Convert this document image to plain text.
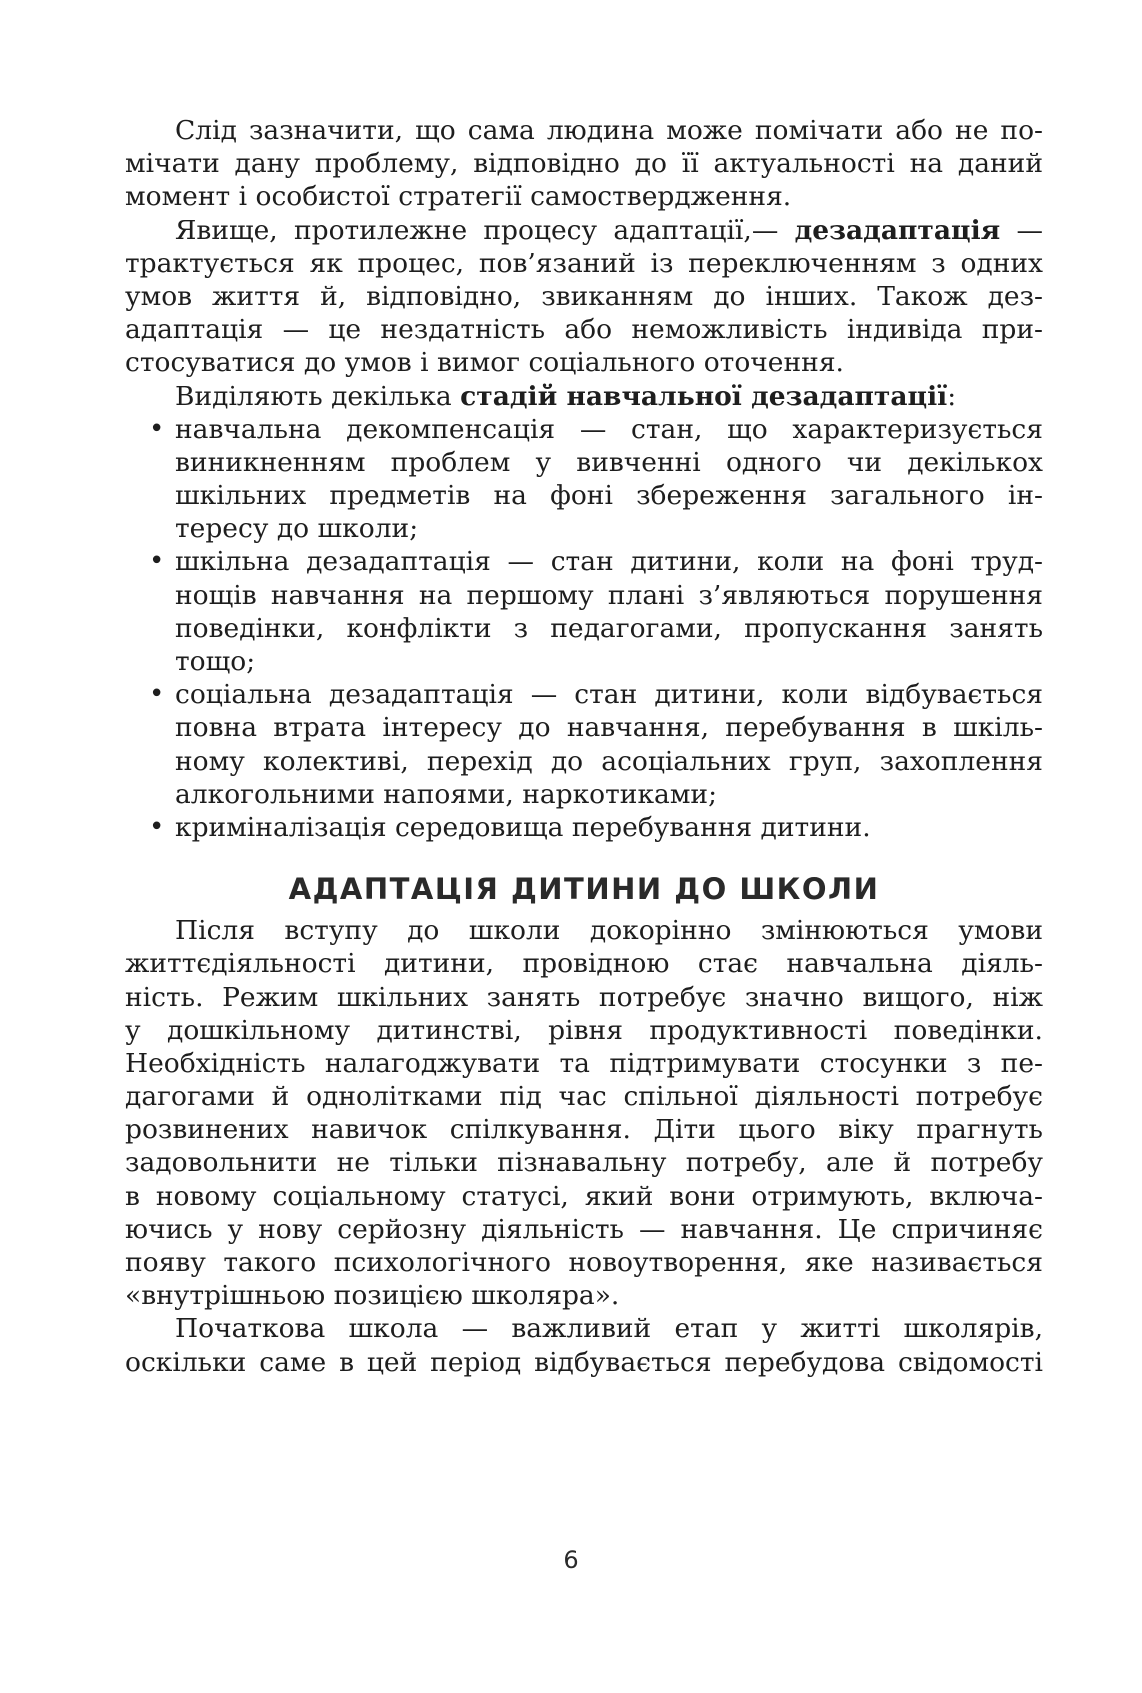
Слід зазначити, що сама людина може помічати або не по-
мічати дану проблему, відповідно до її актуальності на даний
момент і особистої стратегії самоствердження.
Явище, протилежне процесу адаптації,— дезадаптація —
трактується як процес, пов’язаний із переключенням з одних
умов життя й, відповідно, звиканням до інших. Також дез-
адаптація — це нездатність або неможливість індивіда при-
стосуватися до умов і вимог соціального оточення.
Виділяють декілька стадій навчальної дезадаптації:
• навчальна декомпенсація — стан, що характеризується
виникненням проблем у вивченні одного чи декількох
шкільних предметів на фоні збереження загального ін-
тересу до школи;
• шкільна дезадаптація — стан дитини, коли на фоні труд-
нощів навчання на першому плані з’являються порушення
поведінки, конфлікти з педагогами, пропускання занять
тощо;
• соціальна дезадаптація — стан дитини, коли відбувається
повна втрата інтересу до навчання, перебування в шкіль-
ному колективі, перехід до асоціальних груп, захоплення
алкогольними напоями, наркотиками;
• криміналізація середовища перебування дитини.
АДАПТАЦІЯ ДИТИНИ ДО ШКОЛИ
Після вступу до школи докорінно змінюються умови
життєдіяльності дитини, провідною стає навчальна діяль-
ність. Режим шкільних занять потребує значно вищого, ніж
у дошкільному дитинстві, рівня продуктивності поведінки.
Необхідність налагоджувати та підтримувати стосунки з пе-
дагогами й однолітками під час спільної діяльності потребує
розвинених навичок спілкування. Діти цього віку прагнуть
задовольнити не тільки пізнавальну потребу, але й потребу
в новому соціальному статусі, який вони отримують, включа-
ючись у нову серйозну діяльність — навчання. Це спричиняє
появу такого психологічного новоутворення, яке називається
«внутрішньою позицією школяра».
Початкова школа — важливий етап у житті школярів,
оскільки саме в цей період відбувається перебудова свідомості
6
